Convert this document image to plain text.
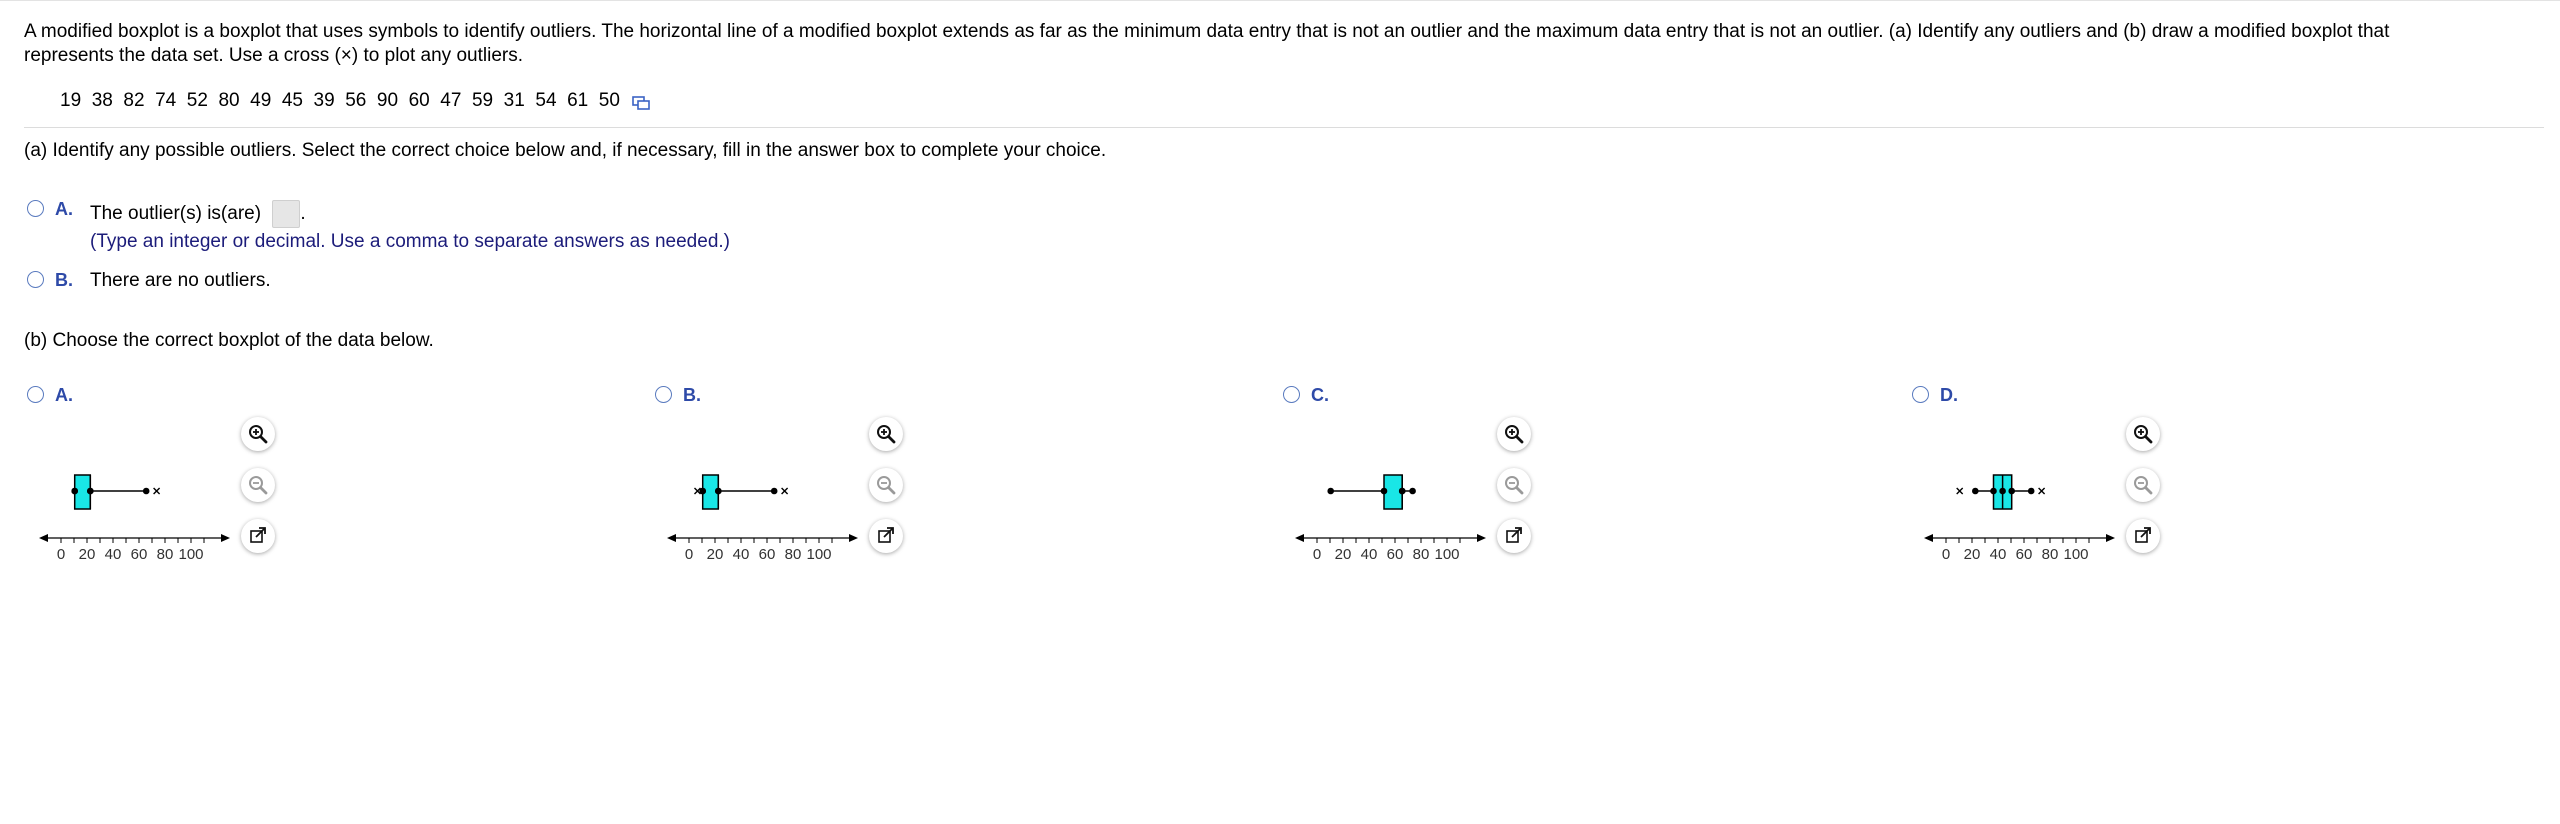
A modified boxplot is a boxplot that uses symbols to identify outliers. The horizontal line of a modified boxplot extends as far as the minimum data entry that is not an outlier and the maximum data entry that is not an outlier. (a) Identify any outliers and (b) draw a modified boxplot that
represents the data set. Use a cross (×) to plot any outliers.
19  38  82  74  52  80  49  45  39  56  90  60  47  59  31  54  61  50
(a) Identify any possible outliers. Select the correct choice below and, if necessary, fill in the answer box to complete your choice.
A. The outlier(s) is(are) .
(Type an integer or decimal. Use a comma to separate answers as needed.)
B. There are no outliers.
(b) Choose the correct boxplot of the data below.
A.	B.	C.	D.
0 20 40 60 80 100	0 20 40 60 80 100	0 20 40 60 80 100	0 20 40 60 80 100
